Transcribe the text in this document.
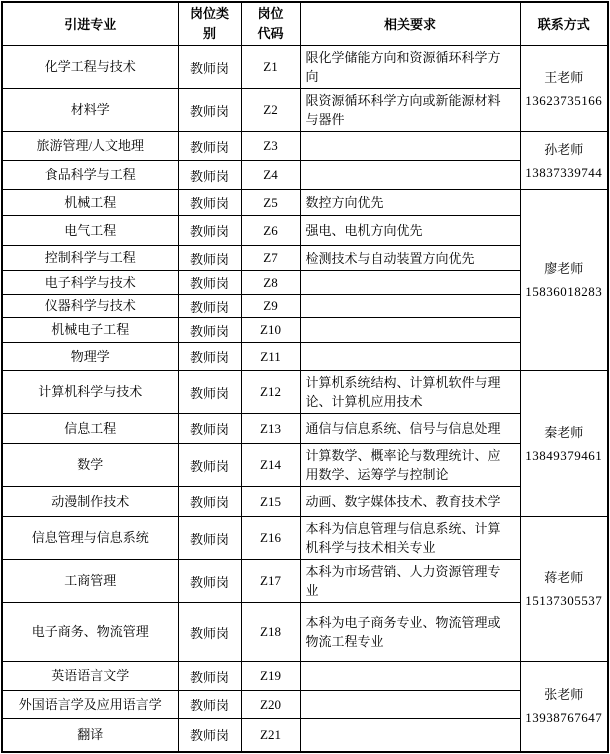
引进专业	岗位类别	岗位代码	相关要求	联系方式
化学工程与技术	教师岗	Z1	限化学储能方向和资源循环科学方向	王老师
13623735166

材料学	教师岗	Z2	限资源循环科学方向或新能源材料与器件	
旅游管理/人文地理	教师岗	Z3		孙老师
13837339744

食品科学与工程	教师岗	Z4		
机械工程	教师岗	Z5	数控方向优先	廖老师
15836018283

电气工程	教师岗	Z6	强电、电机方向优先	
控制科学与工程	教师岗	Z7	检测技术与自动装置方向优先	
电子科学与技术	教师岗	Z8		
仪器科学与技术	教师岗	Z9		
机械电子工程	教师岗	Z10		
物理学	教师岗	Z11		
计算机科学与技术	教师岗	Z12	计算机系统结构、计算机软件与理论、计算机应用技术	秦老师
13849379461

信息工程	教师岗	Z13	通信与信息系统、信号与信息处理	
数学	教师岗	Z14	计算数学、概率论与数理统计、应用数学、运筹学与控制论	
动漫制作技术	教师岗	Z15	动画、数字媒体技术、教育技术学	
信息管理与信息系统	教师岗	Z16	本科为信息管理与信息系统、计算机科学与技术相关专业	蒋老师
15137305537

工商管理	教师岗	Z17	本科为市场营销、人力资源管理专业	
电子商务、物流管理	教师岗	Z18	本科为电子商务专业、物流管理或物流工程专业	
英语语言文学	教师岗	Z19		张老师
13938767647

外国语言学及应用语言学	教师岗	Z20		
翻译	教师岗	Z21		
